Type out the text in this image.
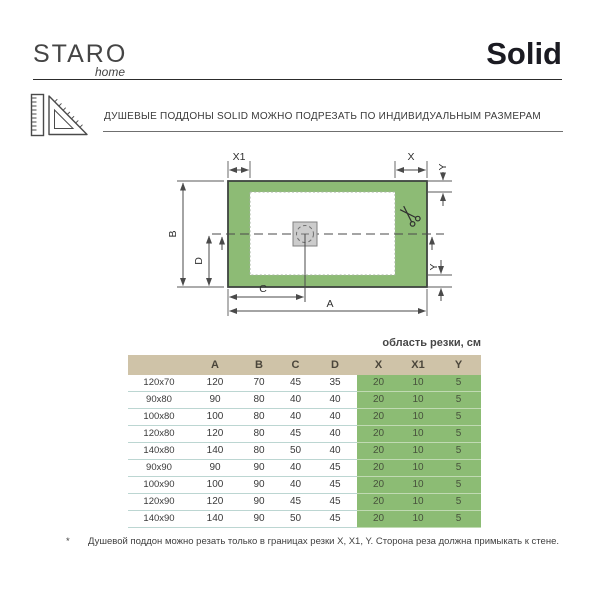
STARO
home
Solid
ДУШЕВЫЕ ПОДДОНЫ SOLID МОЖНО ПОДРЕЗАТЬ ПО ИНДИВИДУАЛЬНЫМ РАЗМЕРАМ
B
D
X1	X
Y
Y
C
A
область резки, см
	A	B	C	D	X	X1	Y
120x70	120	70	45	35	20	10	5
90x80	90	80	40	40	20	10	5
100x80	100	80	40	40	20	10	5
120x80	120	80	45	40	20	10	5
140x80	140	80	50	40	20	10	5
90x90	90	90	40	45	20	10	5
100x90	100	90	40	45	20	10	5
120x90	120	90	45	45	20	10	5
140x90	140	90	50	45	20	10	5
* Душевой поддон можно резать только в границах резки X, X1, Y. Сторона реза должна примыкать к стене.
